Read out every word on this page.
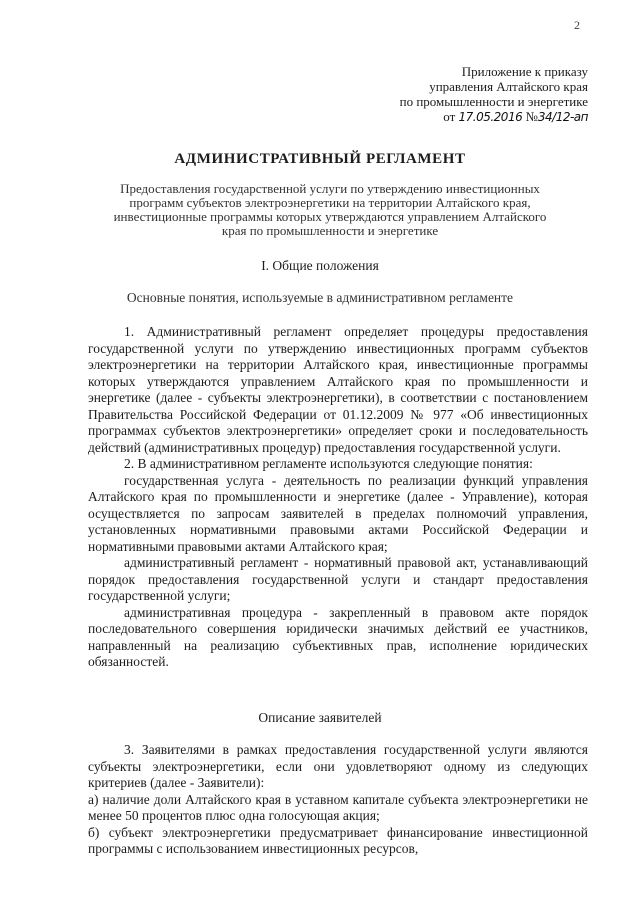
2
Приложение к приказу
управления Алтайского края
по промышленности и энергетике
от 17.05.2016 №34/12-ап
АДМИНИСТРАТИВНЫЙ РЕГЛАМЕНТ
Предоставления государственной услуги по утверждению инвестиционных программ субъектов электроэнергетики на территории Алтайского края, инвестиционные программы которых утверждаются управлением Алтайского края по промышленности и энергетике
I. Общие положения
Основные понятия, используемые в административном регламенте

1. Административный регламент определяет процедуры предоставления государственной услуги по утверждению инвестиционных программ субъектов электроэнергетики на территории Алтайского края, инвестиционные программы которых утверждаются управлением Алтайского края по промышленности и энергетике (далее - субъекты электроэнергетики), в соответствии с постановлением Правительства Российской Федерации от 01.12.2009 № 977 «Об инвестиционных программах субъектов электроэнергетики» определяет сроки и последовательность действий (административных процедур) предоставления государственной услуги.

2. В административном регламенте используются следующие понятия:

государственная услуга - деятельность по реализации функций управления Алтайского края по промышленности и энергетике (далее - Управление), которая осуществляется по запросам заявителей в пределах полномочий управления, установленных нормативными правовыми актами Российской Федерации и нормативными правовыми актами Алтайского края;

административный регламент - нормативный правовой акт, устанавливающий порядок предоставления государственной услуги и стандарт предоставления государственной услуги;

административная процедура - закрепленный в правовом акте порядок последовательного совершения юридически значимых действий ее участников, направленный на реализацию субъективных прав, исполнение юридических обязанностей.

Описание заявителей

3. Заявителями в рамках предоставления государственной услуги являются субъекты электроэнергетики, если они удовлетворяют одному из следующих критериев (далее - Заявители):

а) наличие доли Алтайского края в уставном капитале субъекта электроэнергетики не менее 50 процентов плюс одна голосующая акция;

б) субъект электроэнергетики предусматривает финансирование инвестиционной программы с использованием инвестиционных ресурсов,
